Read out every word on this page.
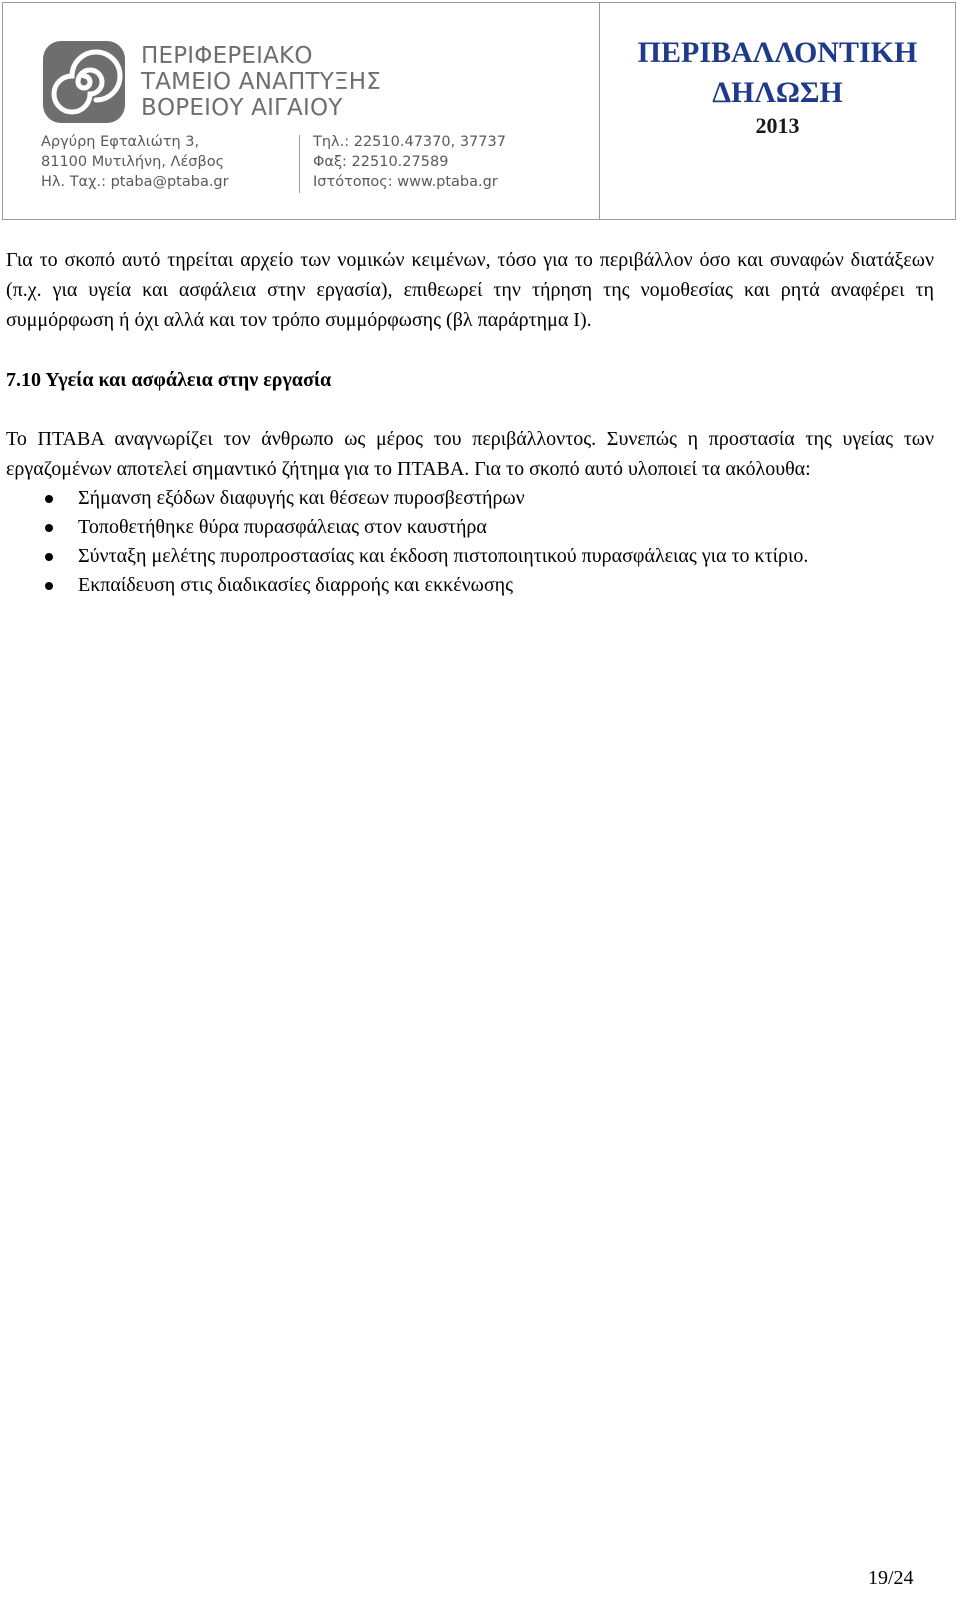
ΠΕΡΙΦΕΡΕΙΑΚΟ
ΤΑΜΕΙΟ ΑΝΑΠΤΥΞΗΣ
ΒΟΡΕΙΟΥ ΑΙΓΑΙΟΥ
Αργύρη Εφταλιώτη 3,
81100 Μυτιλήνη, Λέσβος
Ηλ. Ταχ.: ptaba@ptaba.gr
Τηλ.: 22510.47370, 37737
Φαξ: 22510.27589
Ιστότοπος: www.ptaba.gr
ΠΕΡΙΒΑΛΛΟΝΤΙΚΗ
ΔΗΛΩΣΗ
2013

Για το σκοπό αυτό τηρείται αρχείο των νομικών κειμένων, τόσο για το περιβάλλον όσο και συναφών διατάξεων (π.χ. για υγεία και ασφάλεια στην εργασία), επιθεωρεί την τήρηση της νομοθεσίας και ρητά αναφέρει τη συμμόρφωση ή όχι αλλά και τον τρόπο συμμόρφωσης (βλ παράρτημα Ι).

7.10 Υγεία και ασφάλεια στην εργασία

Το ΠΤΑΒΑ αναγνωρίζει τον άνθρωπο ως μέρος του περιβάλλοντος. Συνεπώς η προστασία της υγείας των εργαζομένων αποτελεί σημαντικό ζήτημα για το ΠΤΑΒΑ. Για το σκοπό αυτό υλοποιεί τα ακόλουθα:

Σήμανση εξόδων διαφυγής και θέσεων πυροσβεστήρων
Τοποθετήθηκε θύρα πυρασφάλειας στον καυστήρα
Σύνταξη μελέτης πυροπροστασίας και έκδοση πιστοποιητικού πυρασφάλειας για το κτίριο.
Εκπαίδευση στις διαδικασίες διαρροής και εκκένωσης
19/24
